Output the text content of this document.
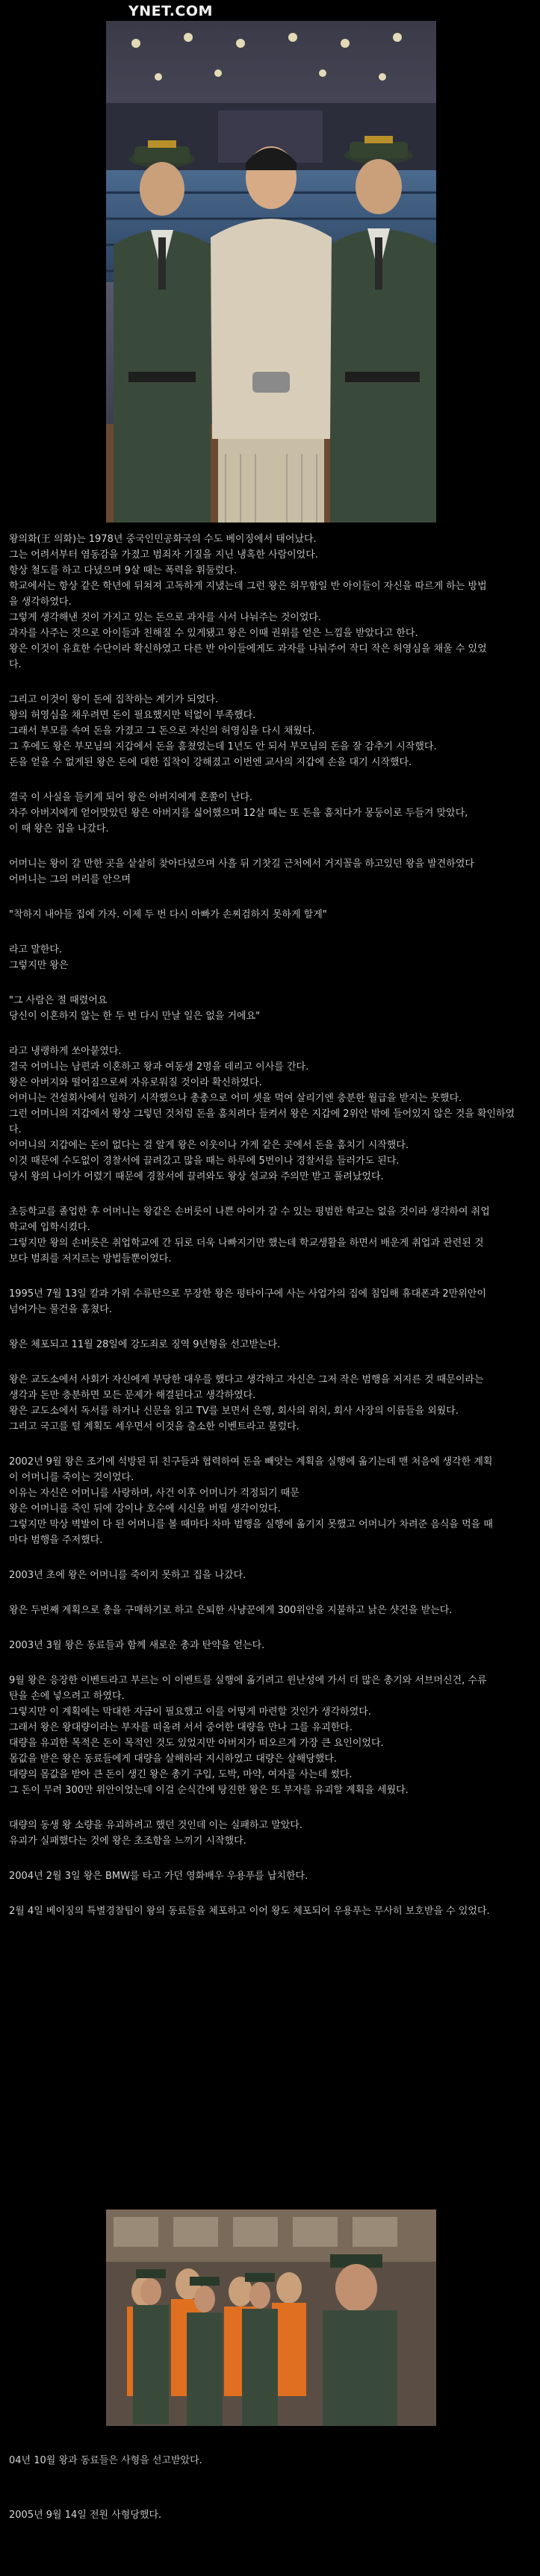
YNET.COM
왕의화(王 의화)는 1978년 중국인민공화국의 수도 베이징에서 태어났다.
그는 어려서부터 염동감을 가졌고 범죄자 기질을 지닌 냉혹한 사람이었다.
항상 철도를 하고 다녔으며 9살 때는 폭력을 휘둘렀다.
학교에서는 항상 같은 학년에 뒤쳐져 고독하게 지냈는데 그런 왕은 허무함일 반 아이들이 자신을 따르게 하는 방법
을 생각하였다.
그렇게 생각해낸 것이 가지고 있는 돈으로 과자를 사서 나눠주는 것이었다.
과자를 사주는 것으로 아이들과 친해질 수 있게됐고 왕은 이때 권위를 얻은 느낌을 받았다고 한다.
왕은 이것이 유효한 수단이라 확신하였고 다른 반 아이들에게도 과자를 나눠주어 작디 작은 허영심을 채울 수 있었
다.
그리고 이것이 왕이 돈에 집착하는 계기가 되었다.
왕의 허영심을 채우려면 돈이 필요했지만 턱없이 부족했다.
그래서 부모를 속여 돈을 가졌고 그 돈으로 자신의 허영심을 다시 채웠다.
그 후에도 왕은 부모님의 지갑에서 돈을 훔쳤었는데 1년도 안 되서 부모님의 돈을 잘 감추기 시작했다.
돈을 얻을 수 없게된 왕은 돈에 대한 집착이 강해졌고 이번엔 교사의 지갑에 손을 대기 시작했다.
결국 이 사실을 들키게 되어 왕은 아버지에게 혼쭐이 난다.
자주 아버지에게 얻어맞았던 왕은 아버지를 싫어했으며 12살 때는 또 돈을 훔치다가 몽둥이로 두들겨 맞았다,
이 때 왕은 집을 나갔다.
어머니는 왕이 갈 만한 곳을 샅샅히 찾아다녔으며 사흘 뒤 기찻길 근처에서 거지꼴을 하고있던 왕을 발견하였다
어머니는 그의 머리를 안으며
"착하지 내아들 집에 가자. 이제 두 번 다시 아빠가 손찌검하지 못하게 할게"
라고 말한다.
그렇지만 왕은
"그 사람은 절 때렸어요
당신이 이혼하지 않는 한 두 번 다시 만날 일은 없을 거에요"
라고 냉랭하게 쏘아붙였다.
결국 어머니는 남편과 이혼하고 왕과 여동생 2명을 데리고 이사를 간다.
왕은 아버지와 떨어짐으로써 자유로워질 것이라 확신하였다.
어머니는 건설회사에서 일하기 시작했으나 총총으로 어미 셋을 먹여 살리기엔 충분한 월급을 받지는 못했다.
그런 어머니의 지갑에서 왕상 그렇던 것처럼 돈을 훔치려다 들켜서 왕은 지갑에 2위안 밖에 들어있지 않은 것을 확인하였
다.
어머니의 지갑에는 돈이 없다는 걸 알게 왕은 이웃이나 가게 같은 곳에서 돈을 훔치기 시작했다.
이것 때문에 수도없이 경찰서에 끌려갔고 많을 때는 하루에 5번이나 경찰서를 들러가도 된다.
당시 왕의 나이가 어렸기 때문에 경찰서에 끌려와도 왕상 설교와 주의만 받고 풀려났었다.
초등학교를 졸업한 후 어머니는 왕같은 손버릇이 나쁜 아이가 갈 수 있는 평범한 학교는 없을 것이라 생각하여 취업
학교에 입학시켰다.
그렇지만 왕의 손버릇은 취업학교에 간 뒤로 더욱 나빠지기만 했는데 학교생활을 하면서 배운게 취업과 관련된 것
보다 범죄를 저지르는 방법들뿐이었다.
1995년 7월 13일 칼과 가위 수류탄으로 무장한 왕은 펑타이구에 사는 사업가의 집에 침입해 휴대폰과 2만위안이
넘어가는 물건을 훔쳤다.
왕은 체포되고 11월 28일에 강도죄로 징역 9년형을 선고받는다.
왕은 교도소에서 사회가 자신에게 부당한 대우를 했다고 생각하고 자신은 그저 작은 범행을 저지른 것 때문이라는
생각과 돈만 충분하면 모든 문제가 해결된다고 생각하였다.
왕은 교도소에서 독서를 하거나 신문을 읽고 TV를 보면서 은행, 회사의 위치, 회사 사장의 이름들을 외웠다.
그리고 국고를 털 계획도 세우면서 이것을 출소한 이벤트라고 불렀다.
2002년 9월 왕은 조기에 석방된 뒤 친구들과 협력하여 돈을 빼앗는 계획을 실행에 옮기는데 맨 처음에 생각한 계획
이 어머니를 죽이는 것이었다.
이유는 자신은 어머니를 사랑하며, 사건 이후 어머니가 걱정되기 때문
왕은 어머니를 죽인 뒤에 강이나 호수에 시신을 버릴 생각이었다.
그렇지만 막상 벽발이 다 된 어머니를 볼 때마다 차마 범행을 실행에 옮기지 못했고 어머니가 차려준 음식을 먹을 때
마다 범행을 주저했다.
2003년 초에 왕은 어머니를 죽이지 못하고 집을 나갔다.
왕은 두번째 계획으로 총을 구매하기로 하고 은퇴한 사냥꾼에게 300위안을 지불하고 낡은 샷건을 받는다.
2003년 3월 왕은 동료들과 함께 새로운 총과 탄약을 얻는다.
9월 왕은 응장한 이벤트라고 부르는 이 이벤트를 실행에 옮기려고 윈난성에 가서 더 많은 총기와 서브머신건, 수류
탄을 손에 넣으려고 하였다.
그렇지만 이 계획에는 막대한 자금이 필요했고 이를 어떻게 마련할 것인가 생각하였다.
그래서 왕은 왕대량이라는 부자를 떠올려 서서 중어한 대량을 만나 그를 유괴한다.
대량을 유괴한 목적은 돈이 목적인 것도 있었지만 아버지가 떠오르게 가장 큰 요인이었다.
몸값을 받은 왕은 동료들에게 대량을 살해하라 지시하였고 대량은 살해당했다.
대량의 몸값을 받아 큰 돈이 생긴 왕은 총기 구입, 도박, 마약, 여자를 사는데 썼다.
그 돈이 무려 300만 위안이었는데 이걸 순식간에 탕진한 왕은 또 부자를 유괴할 계획을 세웠다.
대량의 동생 왕 소량을 유괴하려고 했던 것인데 이는 실패하고 말았다.
유괴가 실패했다는 것에 왕은 초조함을 느끼기 시작했다.
2004년 2월 3일 왕은 BMW를 타고 가던 영화배우 우용푸를 납치한다.
2월 4일 베이징의 특별경찰팀이 왕의 동료들을 체포하고 이어 왕도 체포되어 우용푸는 무사히 보호받을 수 있었다.
04년 10월 왕과 동료들은 사형을 선고받았다.
2005년 9월 14일 전원 사형당했다.
